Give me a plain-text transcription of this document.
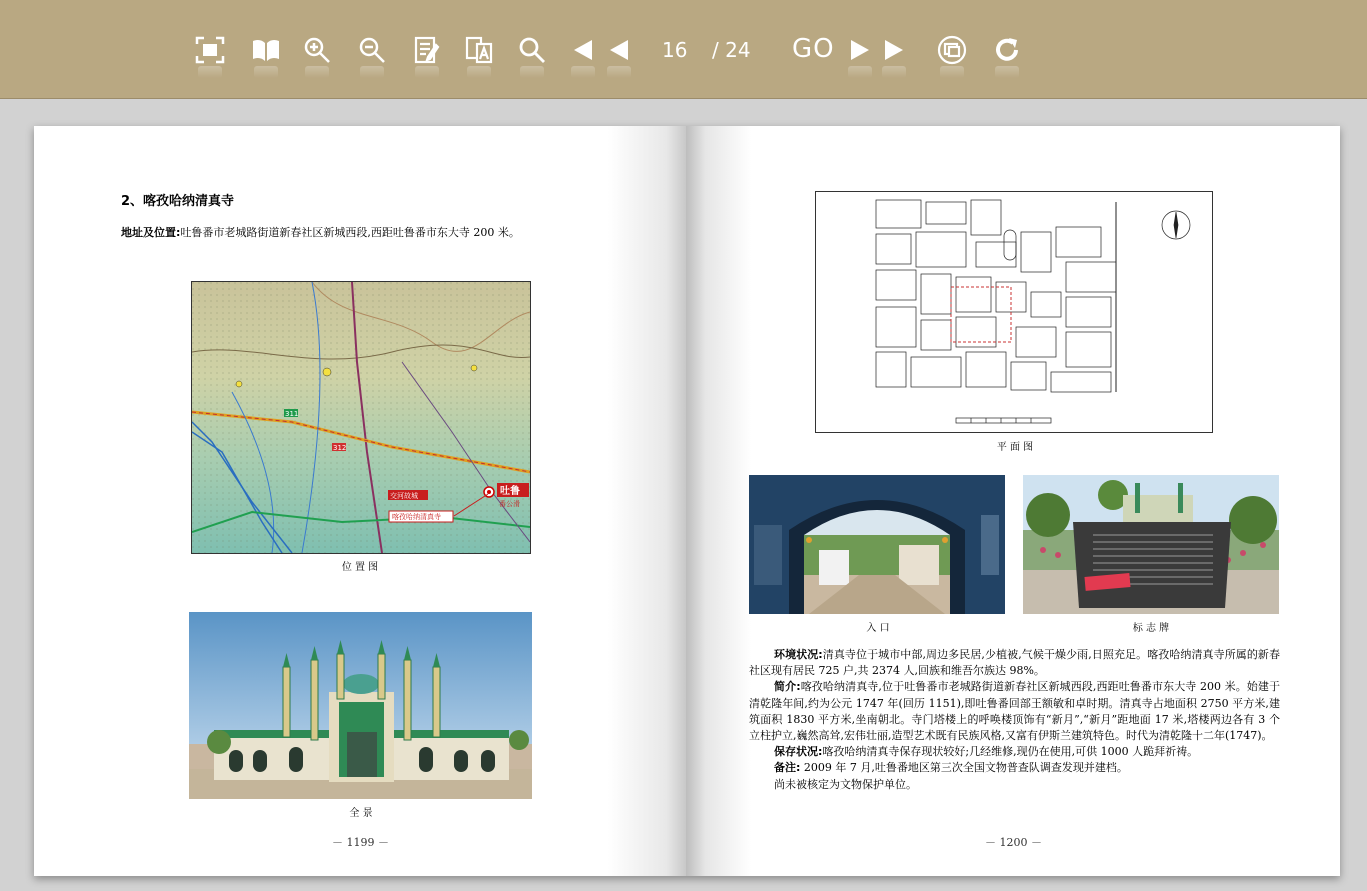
16 / 24 GO
2、喀孜哈纳清真寺
地址及位置:吐鲁番市老城路街道新春社区新城西段,西距吐鲁番市东大寺 200 米。
311
312
吐鲁
番公滑
交河故城
喀孜哈纳清真寺
位 置 图
全 景
－ 1199 －
平 面 图
入 口	标 志 牌

环境状况:清真寺位于城市中部,周边多民居,少植被,气候干燥少雨,日照充足。喀孜哈纳清真寺所属的新春社区现有居民 725 户,共 2374 人,回族和维吾尔族达 98%。

简介:喀孜哈纳清真寺,位于吐鲁番市老城路街道新春社区新城西段,西距吐鲁番市东大寺 200 米。始建于清乾隆年间,约为公元 1747 年(回历 1151),即吐鲁番回部王额敏和卓时期。清真寺占地面积 2750 平方米,建筑面积 1830 平方米,坐南朝北。寺门塔楼上的呼唤楼顶饰有“新月”,“新月”距地面 17 米,塔楼两边各有 3 个立柱护立,巍然高耸,宏伟壮丽,造型艺术既有民族风格,又富有伊斯兰建筑特色。时代为清乾隆十二年(1747)。

保存状况:喀孜哈纳清真寺保存现状较好;几经维修,现仍在使用,可供 1000 人跪拜祈祷。

备注: 2009 年 7 月,吐鲁番地区第三次全国文物普查队调查发现并建档。

尚未被核定为文物保护单位。

－ 1200 －
